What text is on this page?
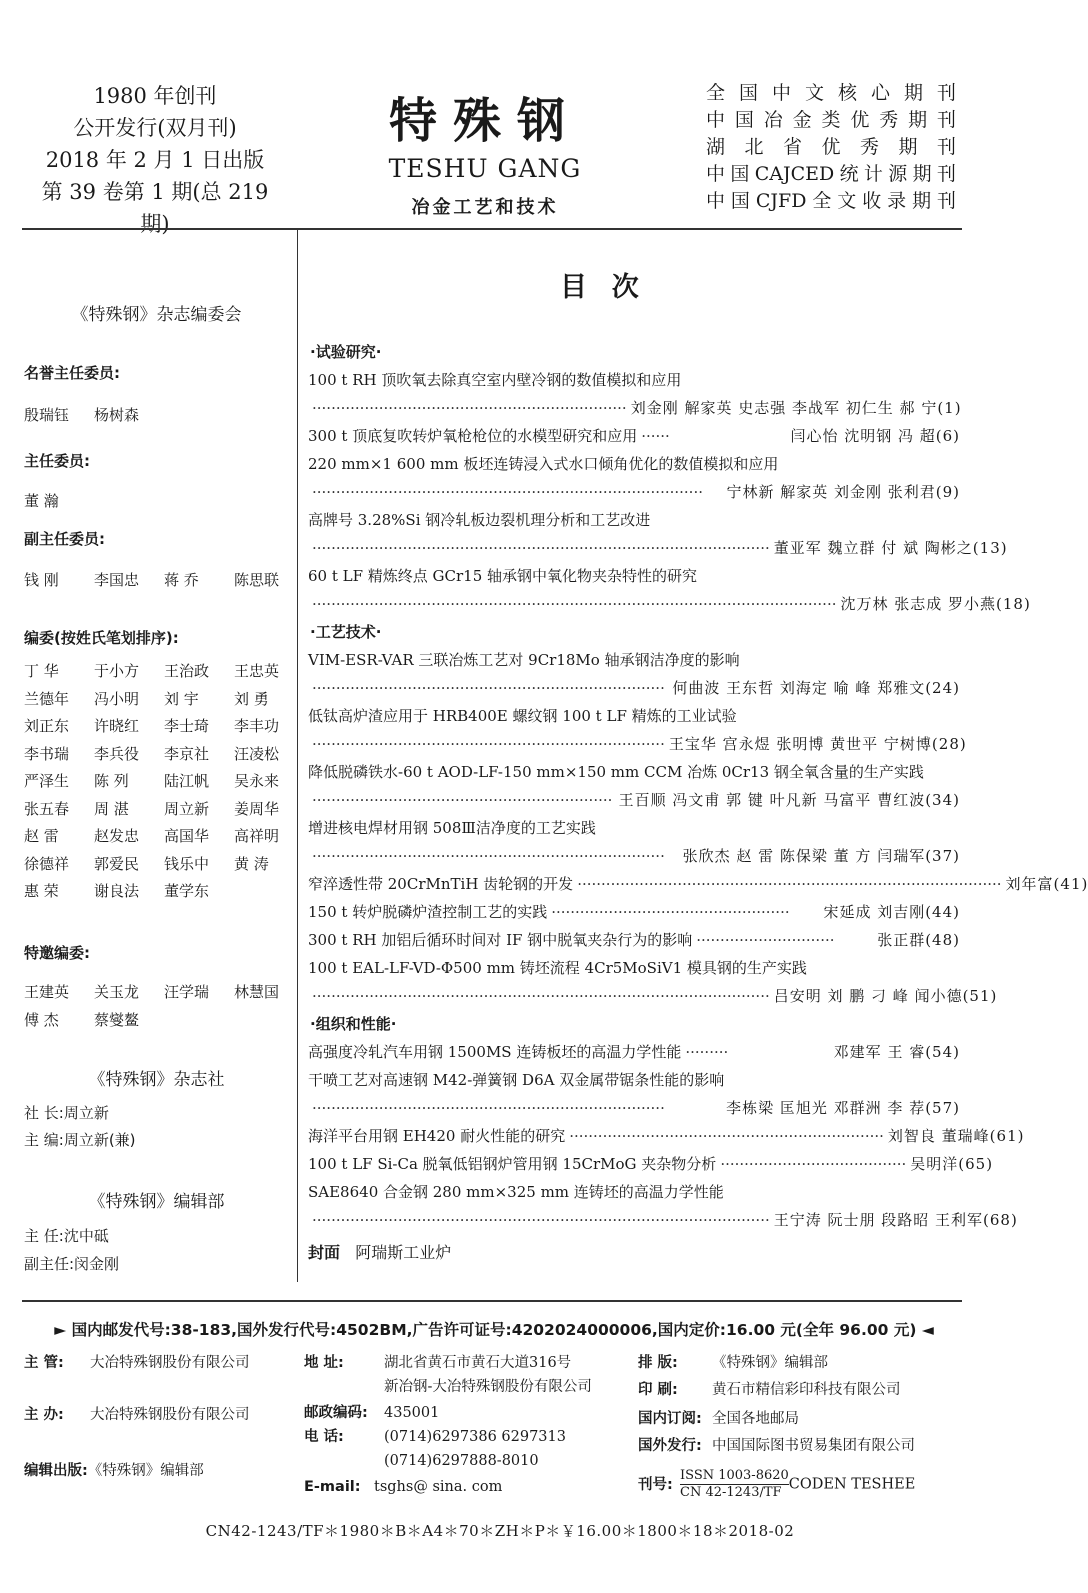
1980 年创刊
公开发行(双月刊)
2018 年 2 月 1 日出版
第 39 卷第 1 期(总 219 期)
特殊钢
TESHU GANG
冶金工艺和技术
全国中文核心期刊
中国冶金类优秀期刊
湖北省优秀期刊
中国CAJCED统计源期刊
中国CJFD全文收录期刊
《特殊钢》杂志编委会
名誉主任委员:
殷瑞钰	杨树森
主任委员:
董 瀚
副主任委员:
钱 刚	李国忠	蒋 乔	陈思联
编委(按姓氏笔划排序):
丁 华	于小方	王治政	王忠英
兰德年	冯小明	刘 宇	刘 勇
刘正东	许晓红	李士琦	李丰功
李书瑞	李兵役	李京社	汪凌松
严泽生	陈 列	陆江帆	吴永来
张五春	周 湛	周立新	姜周华
赵 雷	赵发忠	高国华	高祥明
徐德祥	郭爱民	钱乐中	黄 涛
惠 荣	谢良法	董学东
特邀编委:
王建英	关玉龙	汪学瑞	林慧国
傅 杰	蔡燮鳌
《特殊钢》杂志社
社 长:周立新
主 编:周立新(兼)
《特殊钢》编辑部
主 任:沈中砥
副主任:闵金刚
目  次
·试验研究·
100 t RH 顶吹氧去除真空室内壁冷钢的数值模拟和应用
·································································· 刘金刚 解家英 史志强 李战军 初仁生 郝 宁(1)
300 t 顶底复吹转炉氧枪枪位的水模型研究和应用 ······	闫心怡 沈明钢 冯 超(6)
220 mm×1 600 mm 板坯连铸浸入式水口倾角优化的数值模拟和应用
··················································································	宁林新 解家英 刘金刚 张利君(9)
高牌号 3.28%Si 钢冷轧板边裂机理分析和工艺改进
································································································ 董亚军 魏立群 付 斌 陶彬之(13)
60 t LF 精炼终点 GCr15 轴承钢中氧化物夹杂特性的研究
·············································································································· 沈万林 张志成 罗小燕(18)
·工艺技术·
VIM-ESR-VAR 三联冶炼工艺对 9Cr18Mo 轴承钢洁净度的影响
·········································································· 何曲波 王东哲 刘海定 喻 峰 郑雅文(24)
低钛高炉渣应用于 HRB400E 螺纹钢 100 t LF 精炼的工业试验
·········································································· 王宝华 宫永煜 张明博 黄世平 宁树博(28)
降低脱磷铁水-60 t AOD-LF-150 mm×150 mm CCM 冶炼 0Cr13 钢全氧含量的生产实践
······························································· 王百顺 冯文甫 郭 键 叶凡新 马富平 曹红波(34)
增进核电焊材用钢 508Ⅲ洁净度的工艺实践
··········································································	张欣杰 赵 雷 陈保梁 董 方 闫瑞军(37)
窄淬透性带 20CrMnTiH 齿轮钢的开发 ························································································· 刘年富(41)
150 t 转炉脱磷炉渣控制工艺的实践 ··················································	宋延成 刘吉刚(44)
300 t RH 加铝后循环时间对 IF 钢中脱氧夹杂行为的影响 ·····························	张正群(48)
100 t EAL-LF-VD-Φ500 mm 铸坯流程 4Cr5MoSiV1 模具钢的生产实践
································································································ 吕安明 刘 鹏 刁 峰 闻小德(51)
·组织和性能·
高强度冷轧汽车用钢 1500MS 连铸板坯的高温力学性能 ·········	邓建军 王 睿(54)
干喷工艺对高速钢 M42-弹簧钢 D6A 双金属带锯条性能的影响
··········································································	李栋梁 匡旭光 邓群洲 李 荐(57)
海洋平台用钢 EH420 耐火性能的研究 ·································································· 刘智良 董瑞峰(61)
100 t LF Si-Ca 脱氧低铝钢炉管用钢 15CrMoG 夹杂物分析 ······································· 吴明洋(65)
SAE8640 合金钢 280 mm×325 mm 连铸坯的高温力学性能
································································································ 王宁涛 阮士朋 段路昭 王利军(68)
封面 阿瑞斯工业炉
► 国内邮发代号:38-183,国外发行代号:4502BM,广告许可证号:4202024000006,国内定价:16.00 元(全年 96.00 元) ◄
主 管: 大冶特殊钢股份有限公司
主 办: 大冶特殊钢股份有限公司
编辑出版:《特殊钢》编辑部
地 址:	湖北省黄石市黄石大道316号
新冶钢-大冶特殊钢股份有限公司
邮政编码: 435001
电 话:	(0714)6297386 6297313
(0714)6297888-8010
E-mail: tsghs@ sina. com
排 版: 《特殊钢》编辑部
印 刷: 黄石市精信彩印科技有限公司
国内订阅: 全国各地邮局
国外发行: 中国国际图书贸易集团有限公司
刊号:
ISSN 1003-8620
CN 42-1243/TF CODEN TESHEE
CN42-1243/TF＊1980＊B＊A4＊70＊ZH＊P＊￥16.00＊1800＊18＊2018-02
